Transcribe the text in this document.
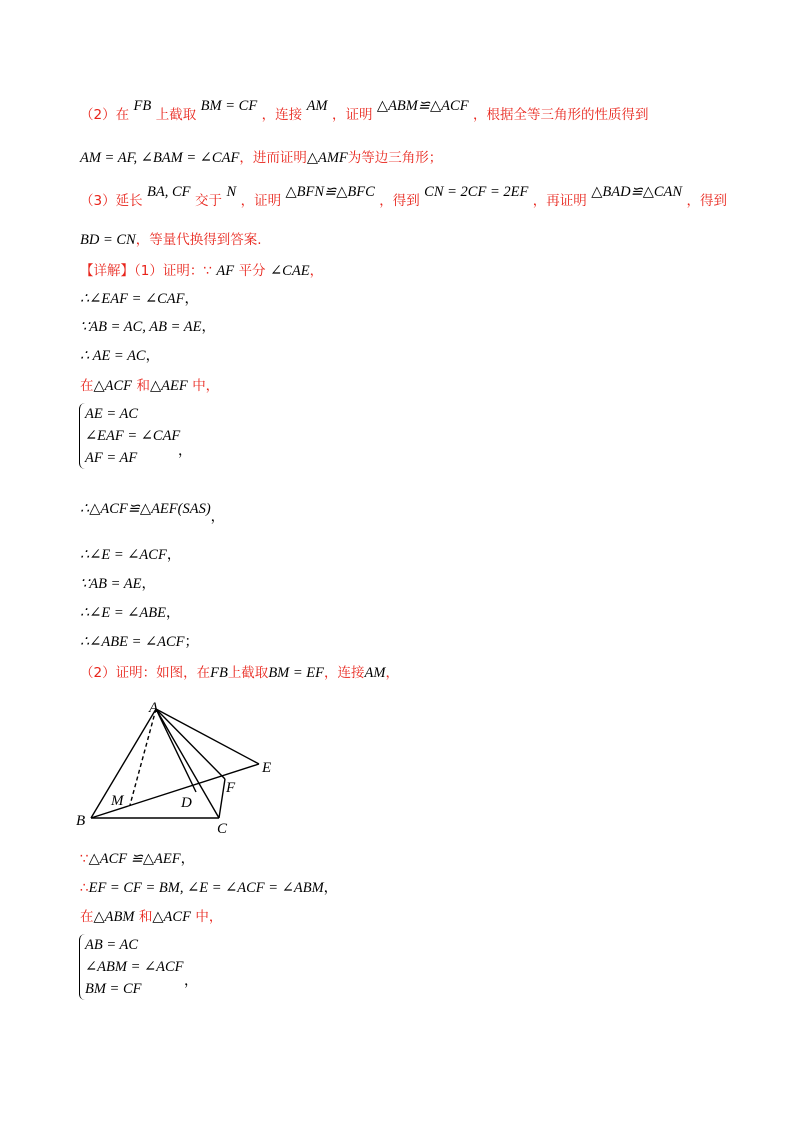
（2）在 FB 上截取 BM = CF ，连接 AM ，证明 △ABM≌△ACF ，根据全等三角形的性质得到
AM = AF, ∠BAM = ∠CAF，进而证明△AMF为等边三角形；
（3）延长 BA, CF 交于 N ，证明 △BFN≌△BFC ，得到 CN = 2CF = 2EF ，再证明 △BAD≌△CAN ，得到
BD = CN，等量代换得到答案.
【详解】（1）证明：∵ AF 平分 ∠CAE，
∴∠EAF = ∠CAF，
∵AB = AC, AB = AE，
∴ AE = AC，
在△ACF 和△AEF 中，
AE = AC
∠EAF = ∠CAF
AF = AF	，
∴△ACF≌△AEF(SAS)，
∴∠E = ∠ACF，
∵AB = AE，
∴∠E = ∠ABE，
∴∠ABE = ∠ACF；
（2）证明：如图，在FB上截取BM = EF，连接AM，
A
B	C
D
E
F
M
∵△ACF ≌△AEF，
∴EF = CF = BM, ∠E = ∠ACF = ∠ABM，
在△ABM 和△ACF 中，
AB = AC
∠ABM = ∠ACF
BM = CF	，
